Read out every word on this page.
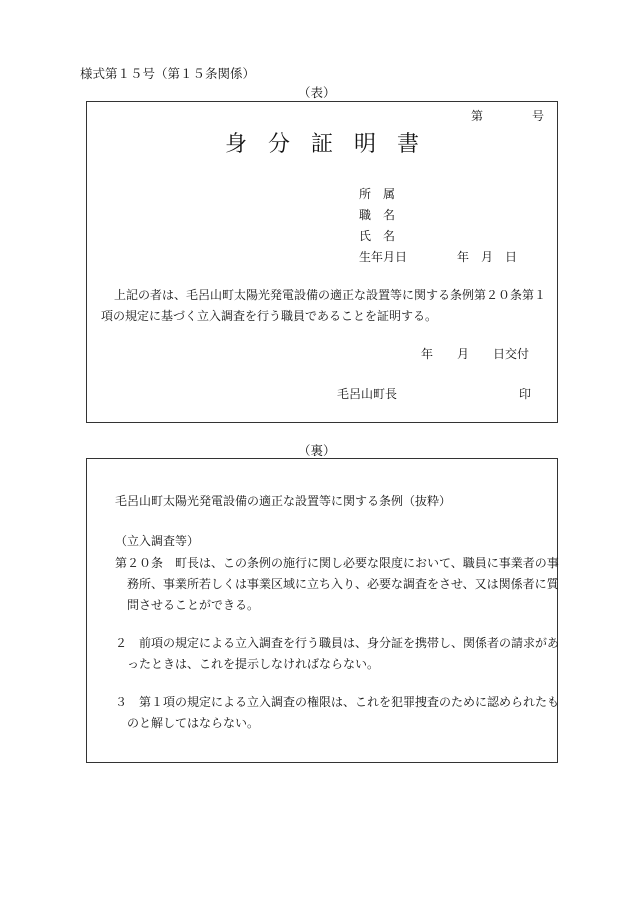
様式第１５号（第１５条関係）
（表）
第	号
身分証明書
所　属
職　名
氏　名
生年月日	年　月　日
上記の者は、毛呂山町太陽光発電設備の適正な設置等に関する条例第２０条第１項の規定に基づく立入調査を行う職員であることを証明する。
年　　月　　日交付
毛呂山町長	印
（裏）
毛呂山町太陽光発電設備の適正な設置等に関する条例（抜粋）
（立入調査等）
第２０条　町長は、この条例の施行に関し必要な限度において、職員に事業者の事務所、事業所若しくは事業区域に立ち入り、必要な調査をさせ、又は関係者に質問させることができる。
２　前項の規定による立入調査を行う職員は、身分証を携帯し、関係者の請求があったときは、これを提示しなければならない。
３　第１項の規定による立入調査の権限は、これを犯罪捜査のために認められたものと解してはならない。
